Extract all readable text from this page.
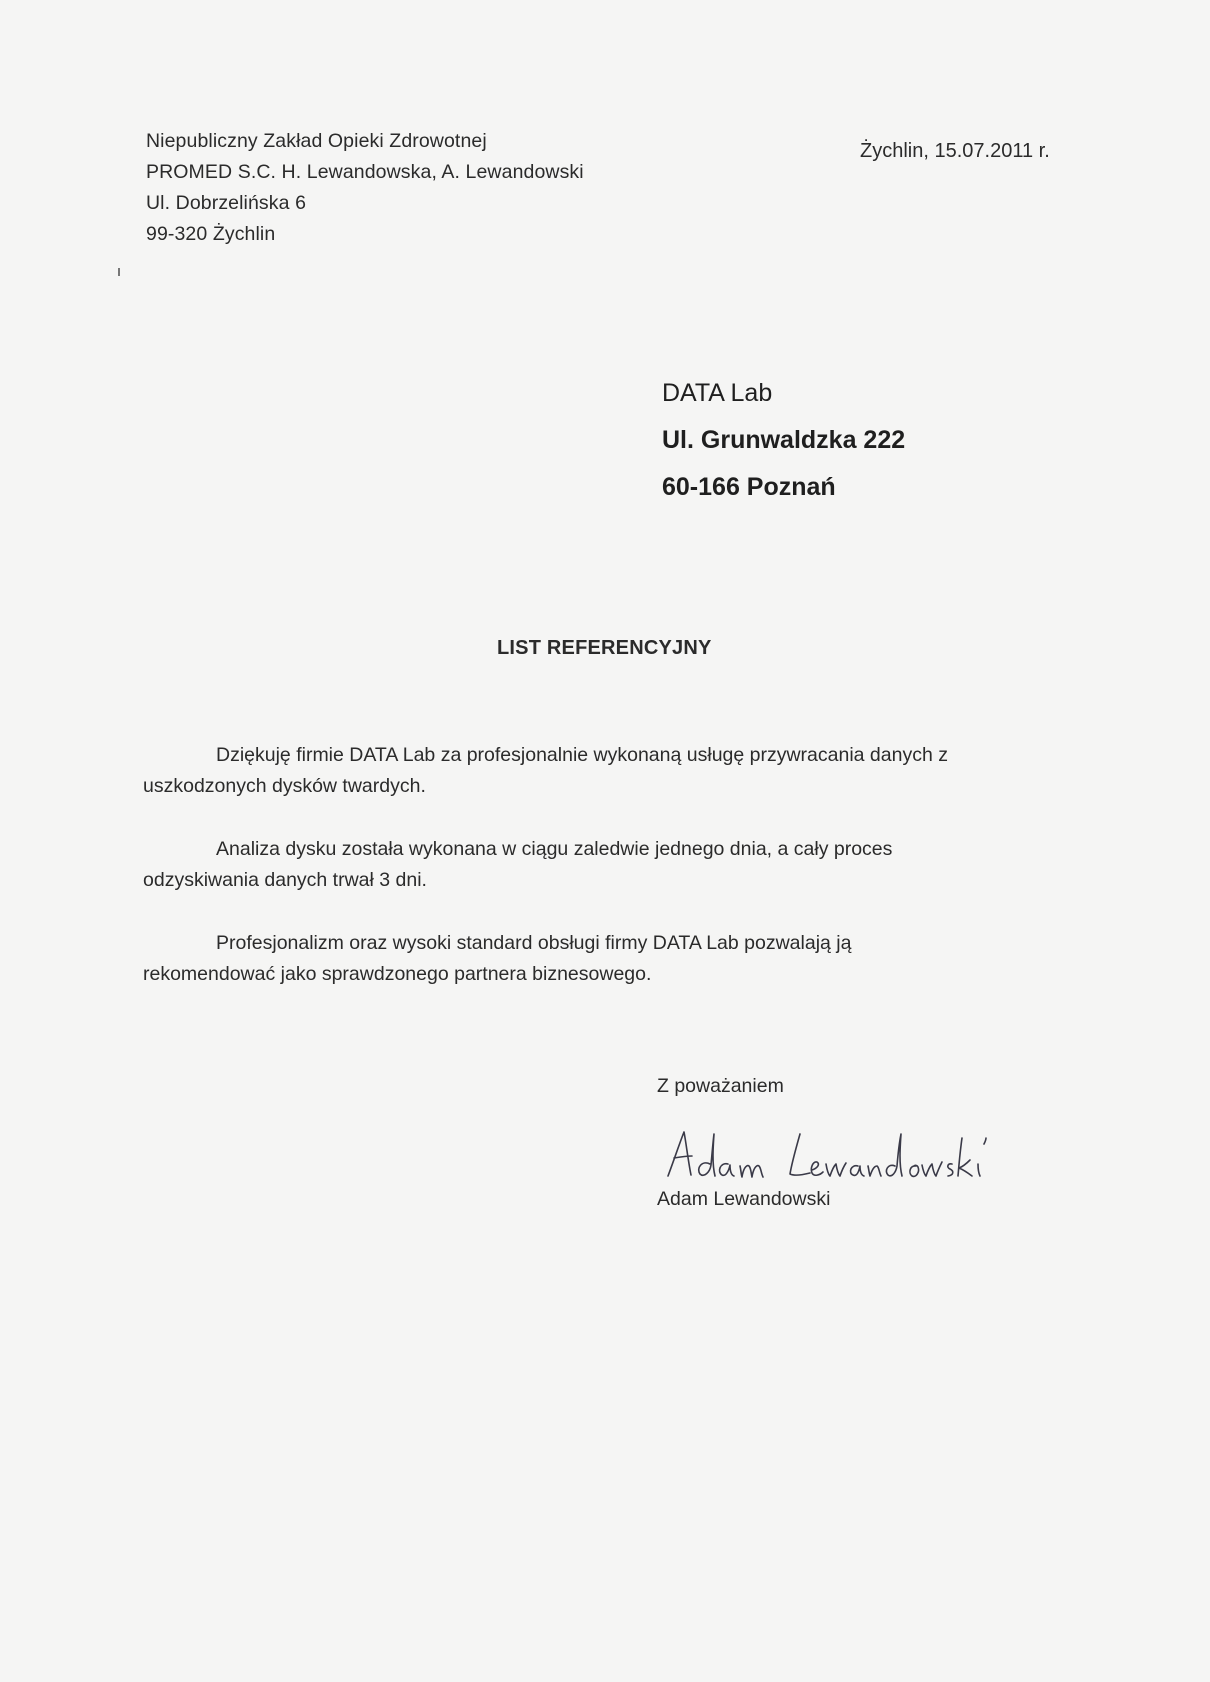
Niepubliczny Zakład Opieki Zdrowotnej
PROMED S.C. H. Lewandowska, A. Lewandowski
Ul. Dobrzelińska 6
99-320 Żychlin
Żychlin, 15.07.2011 r.
DATA Lab
Ul. Grunwaldzka 222
60-166 Poznań
LIST REFERENCYJNY
Dziękuję firmie DATA Lab za profesjonalnie wykonaną usługę przywracania danych z
uszkodzonych dysków twardych.
Analiza dysku została wykonana w ciągu zaledwie jednego dnia, a cały proces
odzyskiwania danych trwał 3 dni.
Profesjonalizm oraz wysoki standard obsługi firmy DATA Lab pozwalają ją
rekomendować jako sprawdzonego partnera biznesowego.
Z poważaniem
Adam Lewandowski
